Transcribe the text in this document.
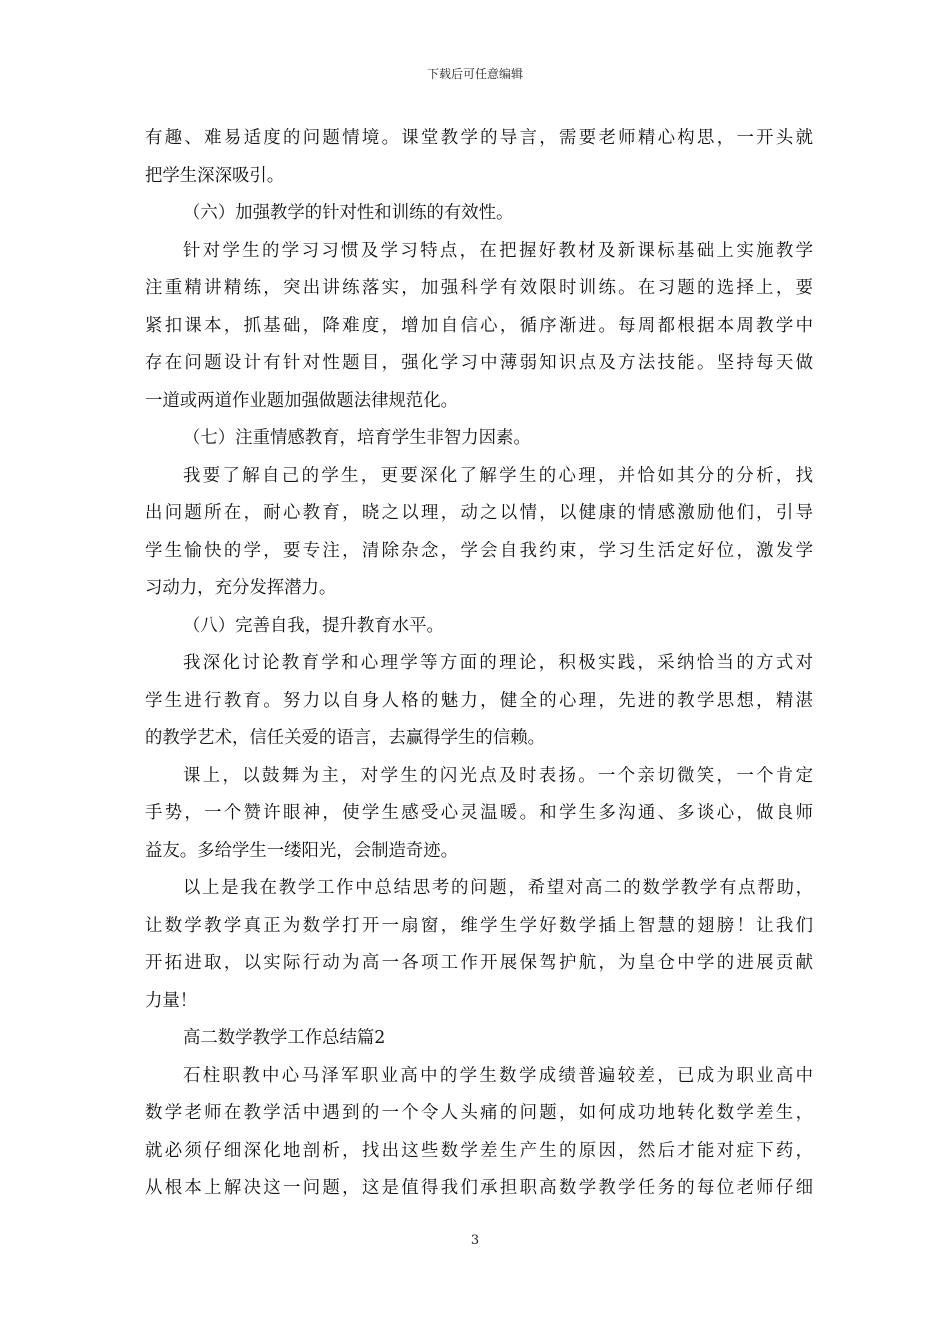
下载后可任意编辑
有趣、难易适度的问题情境。课堂教学的导言，需要老师精心构思，一开头就
把学生深深吸引。
（六）加强教学的针对性和训练的有效性。
针对学生的学习习惯及学习特点，在把握好教材及新课标基础上实施教学
注重精讲精练，突出讲练落实，加强科学有效限时训练。在习题的选择上，要
紧扣课本，抓基础，降难度，增加自信心，循序渐进。每周都根据本周教学中
存在问题设计有针对性题目，强化学习中薄弱知识点及方法技能。坚持每天做
一道或两道作业题加强做题法律规范化。
（七）注重情感教育，培育学生非智力因素。
我要了解自己的学生，更要深化了解学生的心理，并恰如其分的分析，找
出问题所在，耐心教育，晓之以理，动之以情，以健康的情感激励他们，引导
学生愉快的学，要专注，清除杂念，学会自我约束，学习生活定好位，激发学
习动力，充分发挥潜力。
（八）完善自我，提升教育水平。
我深化讨论教育学和心理学等方面的理论，积极实践，采纳恰当的方式对
学生进行教育。努力以自身人格的魅力，健全的心理，先进的教学思想，精湛
的教学艺术，信任关爱的语言，去赢得学生的信赖。
课上，以鼓舞为主，对学生的闪光点及时表扬。一个亲切微笑，一个肯定
手势，一个赞许眼神，使学生感受心灵温暖。和学生多沟通、多谈心，做良师
益友。多给学生一缕阳光，会制造奇迹。
以上是我在教学工作中总结思考的问题，希望对高二的数学教学有点帮助，
让数学教学真正为数学打开一扇窗，维学生学好数学插上智慧的翅膀！让我们
开拓进取，以实际行动为高一各项工作开展保驾护航，为皇仓中学的进展贡献
力量！
高二数学教学工作总结篇2
石柱职教中心马泽军职业高中的学生数学成绩普遍较差，已成为职业高中
数学老师在教学活中遇到的一个令人头痛的问题，如何成功地转化数学差生，
就必须仔细深化地剖析，找出这些数学差生产生的原因，然后才能对症下药，
从根本上解决这一问题，这是值得我们承担职高数学教学任务的每位老师仔细
3
